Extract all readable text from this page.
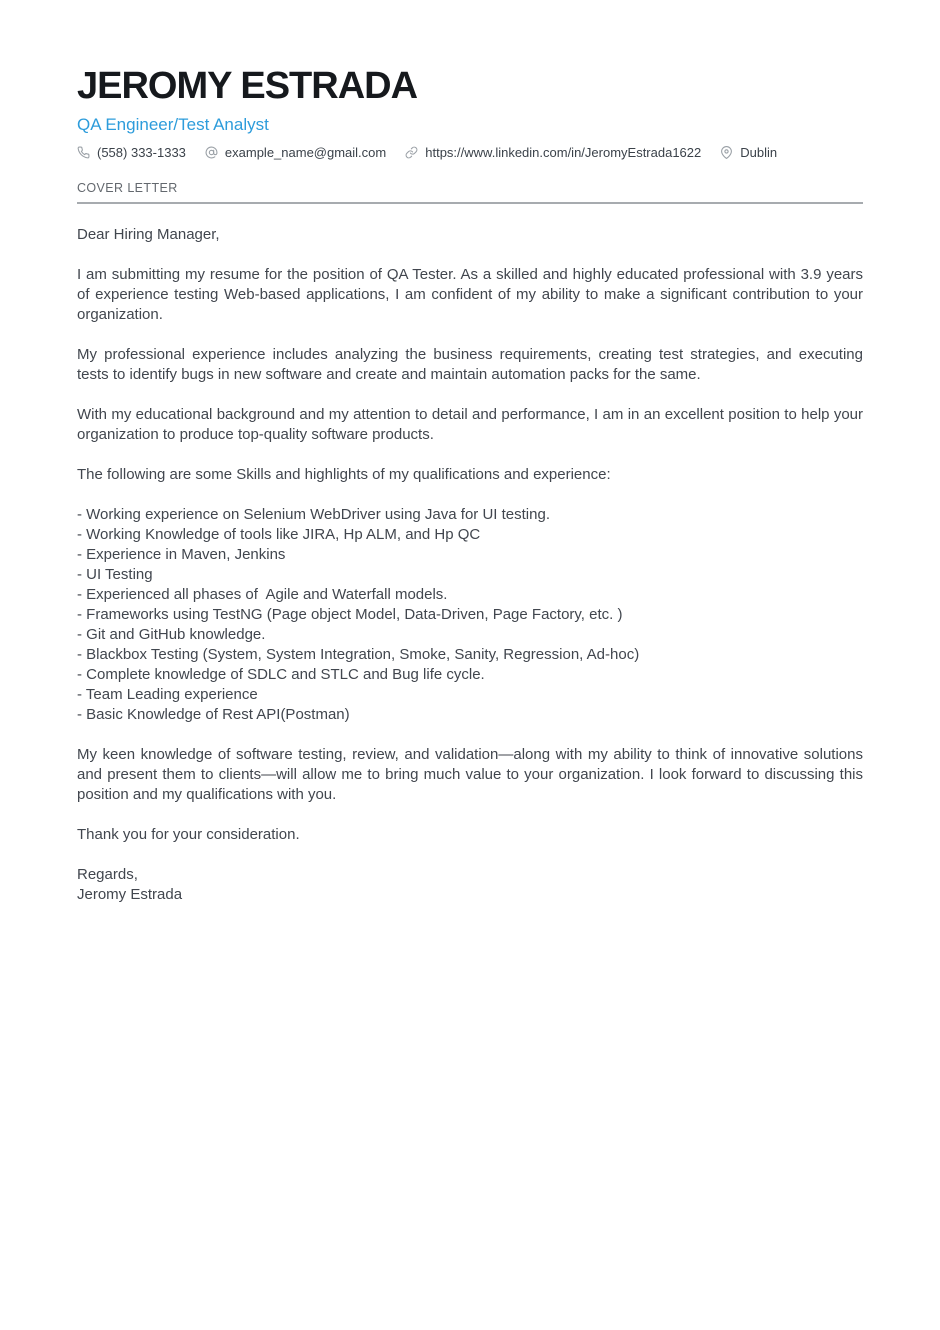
JEROMY ESTRADA
QA Engineer/Test Analyst
(558) 333-1333	example_name@gmail.com	https://www.linkedin.com/in/JeromyEstrada1622	Dublin
COVER LETTER

Dear Hiring Manager,

I am submitting my resume for the position of QA Tester. As a skilled and highly educated professional with 3.9 years of experience testing Web-based applications, I am confident of my ability to make a significant contribution to your organization.

My professional experience includes analyzing the business requirements, creating test strategies, and executing tests to identify bugs in new software and create and maintain automation packs for the same.

With my educational background and my attention to detail and performance, I am in an excellent position to help your organization to produce top-quality software products.

The following are some Skills and highlights of my qualifications and experience:

- Working experience on Selenium WebDriver using Java for UI testing.
- Working Knowledge of tools like JIRA, Hp ALM, and Hp QC
- Experience in Maven, Jenkins
- UI Testing
- Experienced all phases of  Agile and Waterfall models.
- Frameworks using TestNG (Page object Model, Data-Driven, Page Factory, etc. )
- Git and GitHub knowledge.
- Blackbox Testing (System, System Integration, Smoke, Sanity, Regression, Ad-hoc)
- Complete knowledge of SDLC and STLC and Bug life cycle.
- Team Leading experience
- Basic Knowledge of Rest API(Postman)

My keen knowledge of software testing, review, and validation—along with my ability to think of innovative solutions and present them to clients—will allow me to bring much value to your organization. I look forward to discussing this position and my qualifications with you.

Thank you for your consideration.

Regards,
Jeromy Estrada
